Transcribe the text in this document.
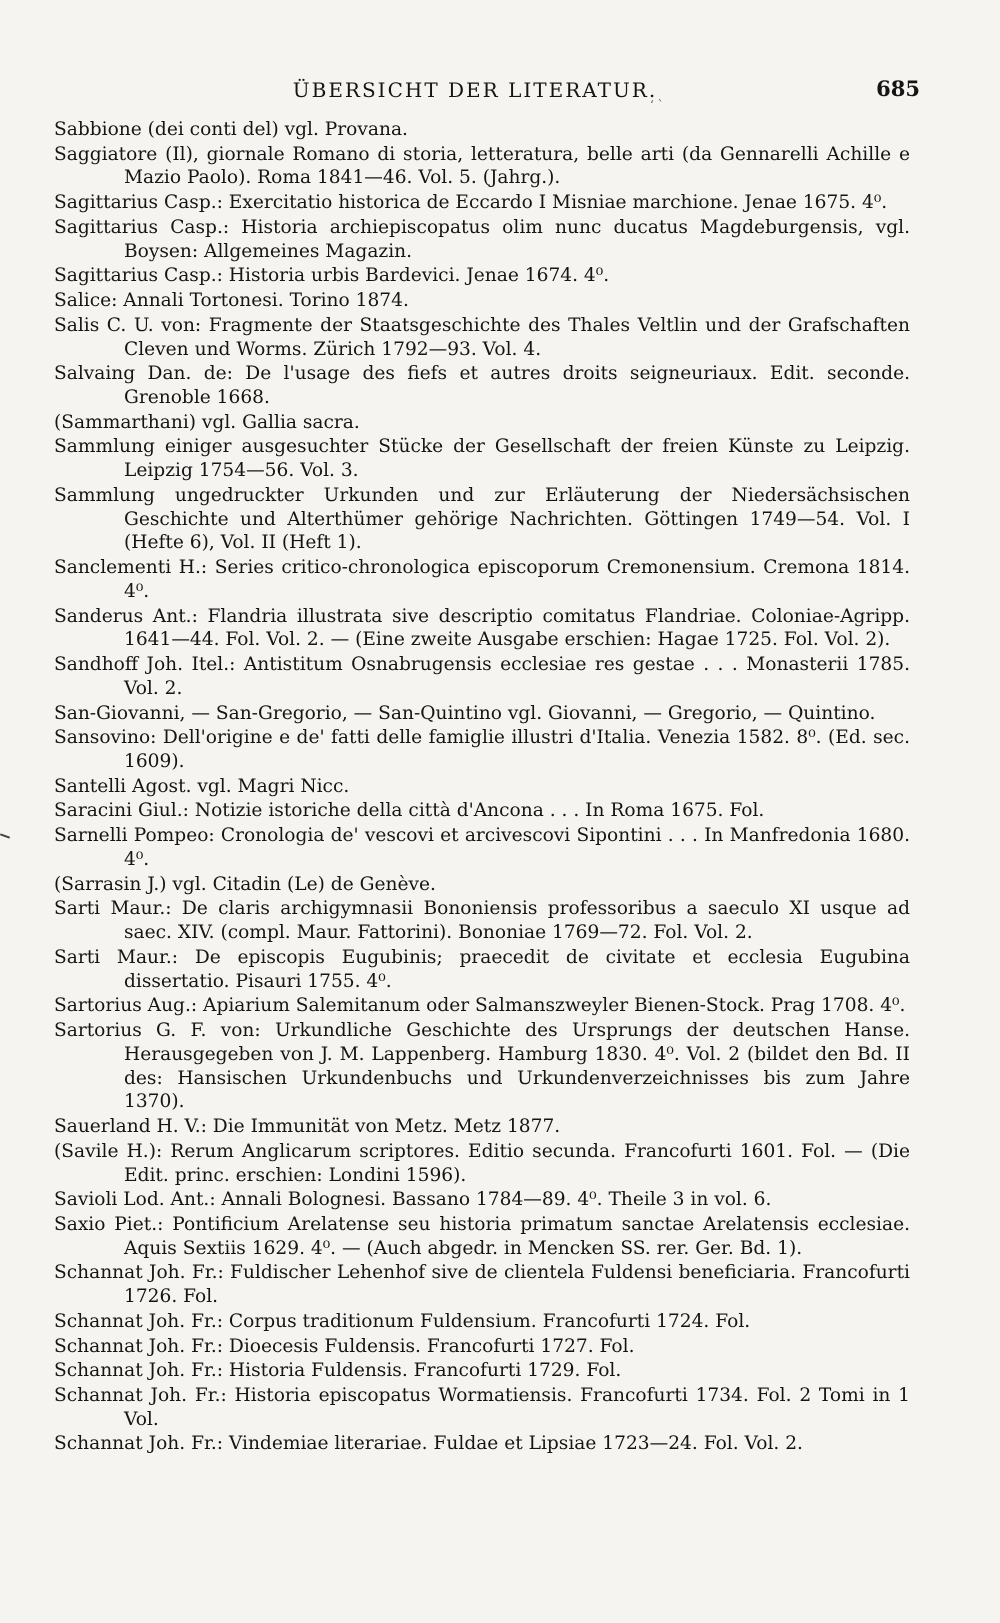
ÜBERSICHT DER LITERATUR.	685
‘ ˋ

Sabbione (dei conti del) vgl. Provana.

Saggiatore (Il), giornale Romano di storia, letteratura, belle arti (da Gennarelli Achille e Mazio Paolo). Roma 1841—46. Vol. 5. (Jahrg.).

Sagittarius Casp.: Exercitatio historica de Eccardo I Misniae marchione. Jenae 1675. 4⁰.

Sagittarius Casp.: Historia archiepiscopatus olim nunc ducatus Magdeburgensis, vgl. Boysen: Allgemeines Magazin.

Sagittarius Casp.: Historia urbis Bardevici. Jenae 1674. 4⁰.

Salice: Annali Tortonesi. Torino 1874.

Salis C. U. von: Fragmente der Staatsgeschichte des Thales Veltlin und der Grafschaften Cleven und Worms. Zürich 1792—93. Vol. 4.

Salvaing Dan. de: De l'usage des fiefs et autres droits seigneuriaux. Edit. seconde. Grenoble 1668.

(Sammarthani) vgl. Gallia sacra.

Sammlung einiger ausgesuchter Stücke der Gesellschaft der freien Künste zu Leipzig. Leipzig 1754—56. Vol. 3.

Sammlung ungedruckter Urkunden und zur Erläuterung der Niedersächsischen Geschichte und Alterthümer gehörige Nachrichten. Göttingen 1749—54. Vol. I (Hefte 6), Vol. II (Heft 1).

Sanclementi H.: Series critico-chronologica episcoporum Cremonensium. Cremona 1814. 4⁰.

Sanderus Ant.: Flandria illustrata sive descriptio comitatus Flandriae. Coloniae-Agripp. 1641—44. Fol. Vol. 2. — (Eine zweite Ausgabe erschien: Hagae 1725. Fol. Vol. 2).

Sandhoff Joh. Itel.: Antistitum Osnabrugensis ecclesiae res gestae . . . Monasterii 1785. Vol. 2.

San-Giovanni, — San-Gregorio, — San-Quintino vgl. Giovanni, — Gregorio, — Quintino.

Sansovino: Dell'origine e de' fatti delle famiglie illustri d'Italia. Venezia 1582. 8⁰. (Ed. sec. 1609).

Santelli Agost. vgl. Magri Nicc.

Saracini Giul.: Notizie istoriche della città d'Ancona . . . In Roma 1675. Fol.

Sarnelli Pompeo: Cronologia de' vescovi et arcivescovi Sipontini . . . In Manfredonia 1680. 4⁰.

(Sarrasin J.) vgl. Citadin (Le) de Genève.

Sarti Maur.: De claris archigymnasii Bononiensis professoribus a saeculo XI usque ad saec. XIV. (compl. Maur. Fattorini). Bononiae 1769—72. Fol. Vol. 2.

Sarti Maur.: De episcopis Eugubinis; praecedit de civitate et ecclesia Eugubina dissertatio. Pisauri 1755. 4⁰.

Sartorius Aug.: Apiarium Salemitanum oder Salmanszweyler Bienen-Stock. Prag 1708. 4⁰.

Sartorius G. F. von: Urkundliche Geschichte des Ursprungs der deutschen Hanse. Herausgegeben von J. M. Lappenberg. Hamburg 1830. 4⁰. Vol. 2 (bildet den Bd. II des: Hansischen Urkundenbuchs und Urkundenverzeichnisses bis zum Jahre 1370).

Sauerland H. V.: Die Immunität von Metz. Metz 1877.

(Savile H.): Rerum Anglicarum scriptores. Editio secunda. Francofurti 1601. Fol. — (Die Edit. princ. erschien: Londini 1596).

Savioli Lod. Ant.: Annali Bolognesi. Bassano 1784—89. 4⁰. Theile 3 in vol. 6.

Saxio Piet.: Pontificium Arelatense seu historia primatum sanctae Arelatensis ecclesiae. Aquis Sextiis 1629. 4⁰. — (Auch abgedr. in Mencken SS. rer. Ger. Bd. 1).

Schannat Joh. Fr.: Fuldischer Lehenhof sive de clientela Fuldensi beneficiaria. Francofurti 1726. Fol.

Schannat Joh. Fr.: Corpus traditionum Fuldensium. Francofurti 1724. Fol.

Schannat Joh. Fr.: Dioecesis Fuldensis. Francofurti 1727. Fol.

Schannat Joh. Fr.: Historia Fuldensis. Francofurti 1729. Fol.

Schannat Joh. Fr.: Historia episcopatus Wormatiensis. Francofurti 1734. Fol. 2 Tomi in 1 Vol.

Schannat Joh. Fr.: Vindemiae literariae. Fuldae et Lipsiae 1723—24. Fol. Vol. 2.
